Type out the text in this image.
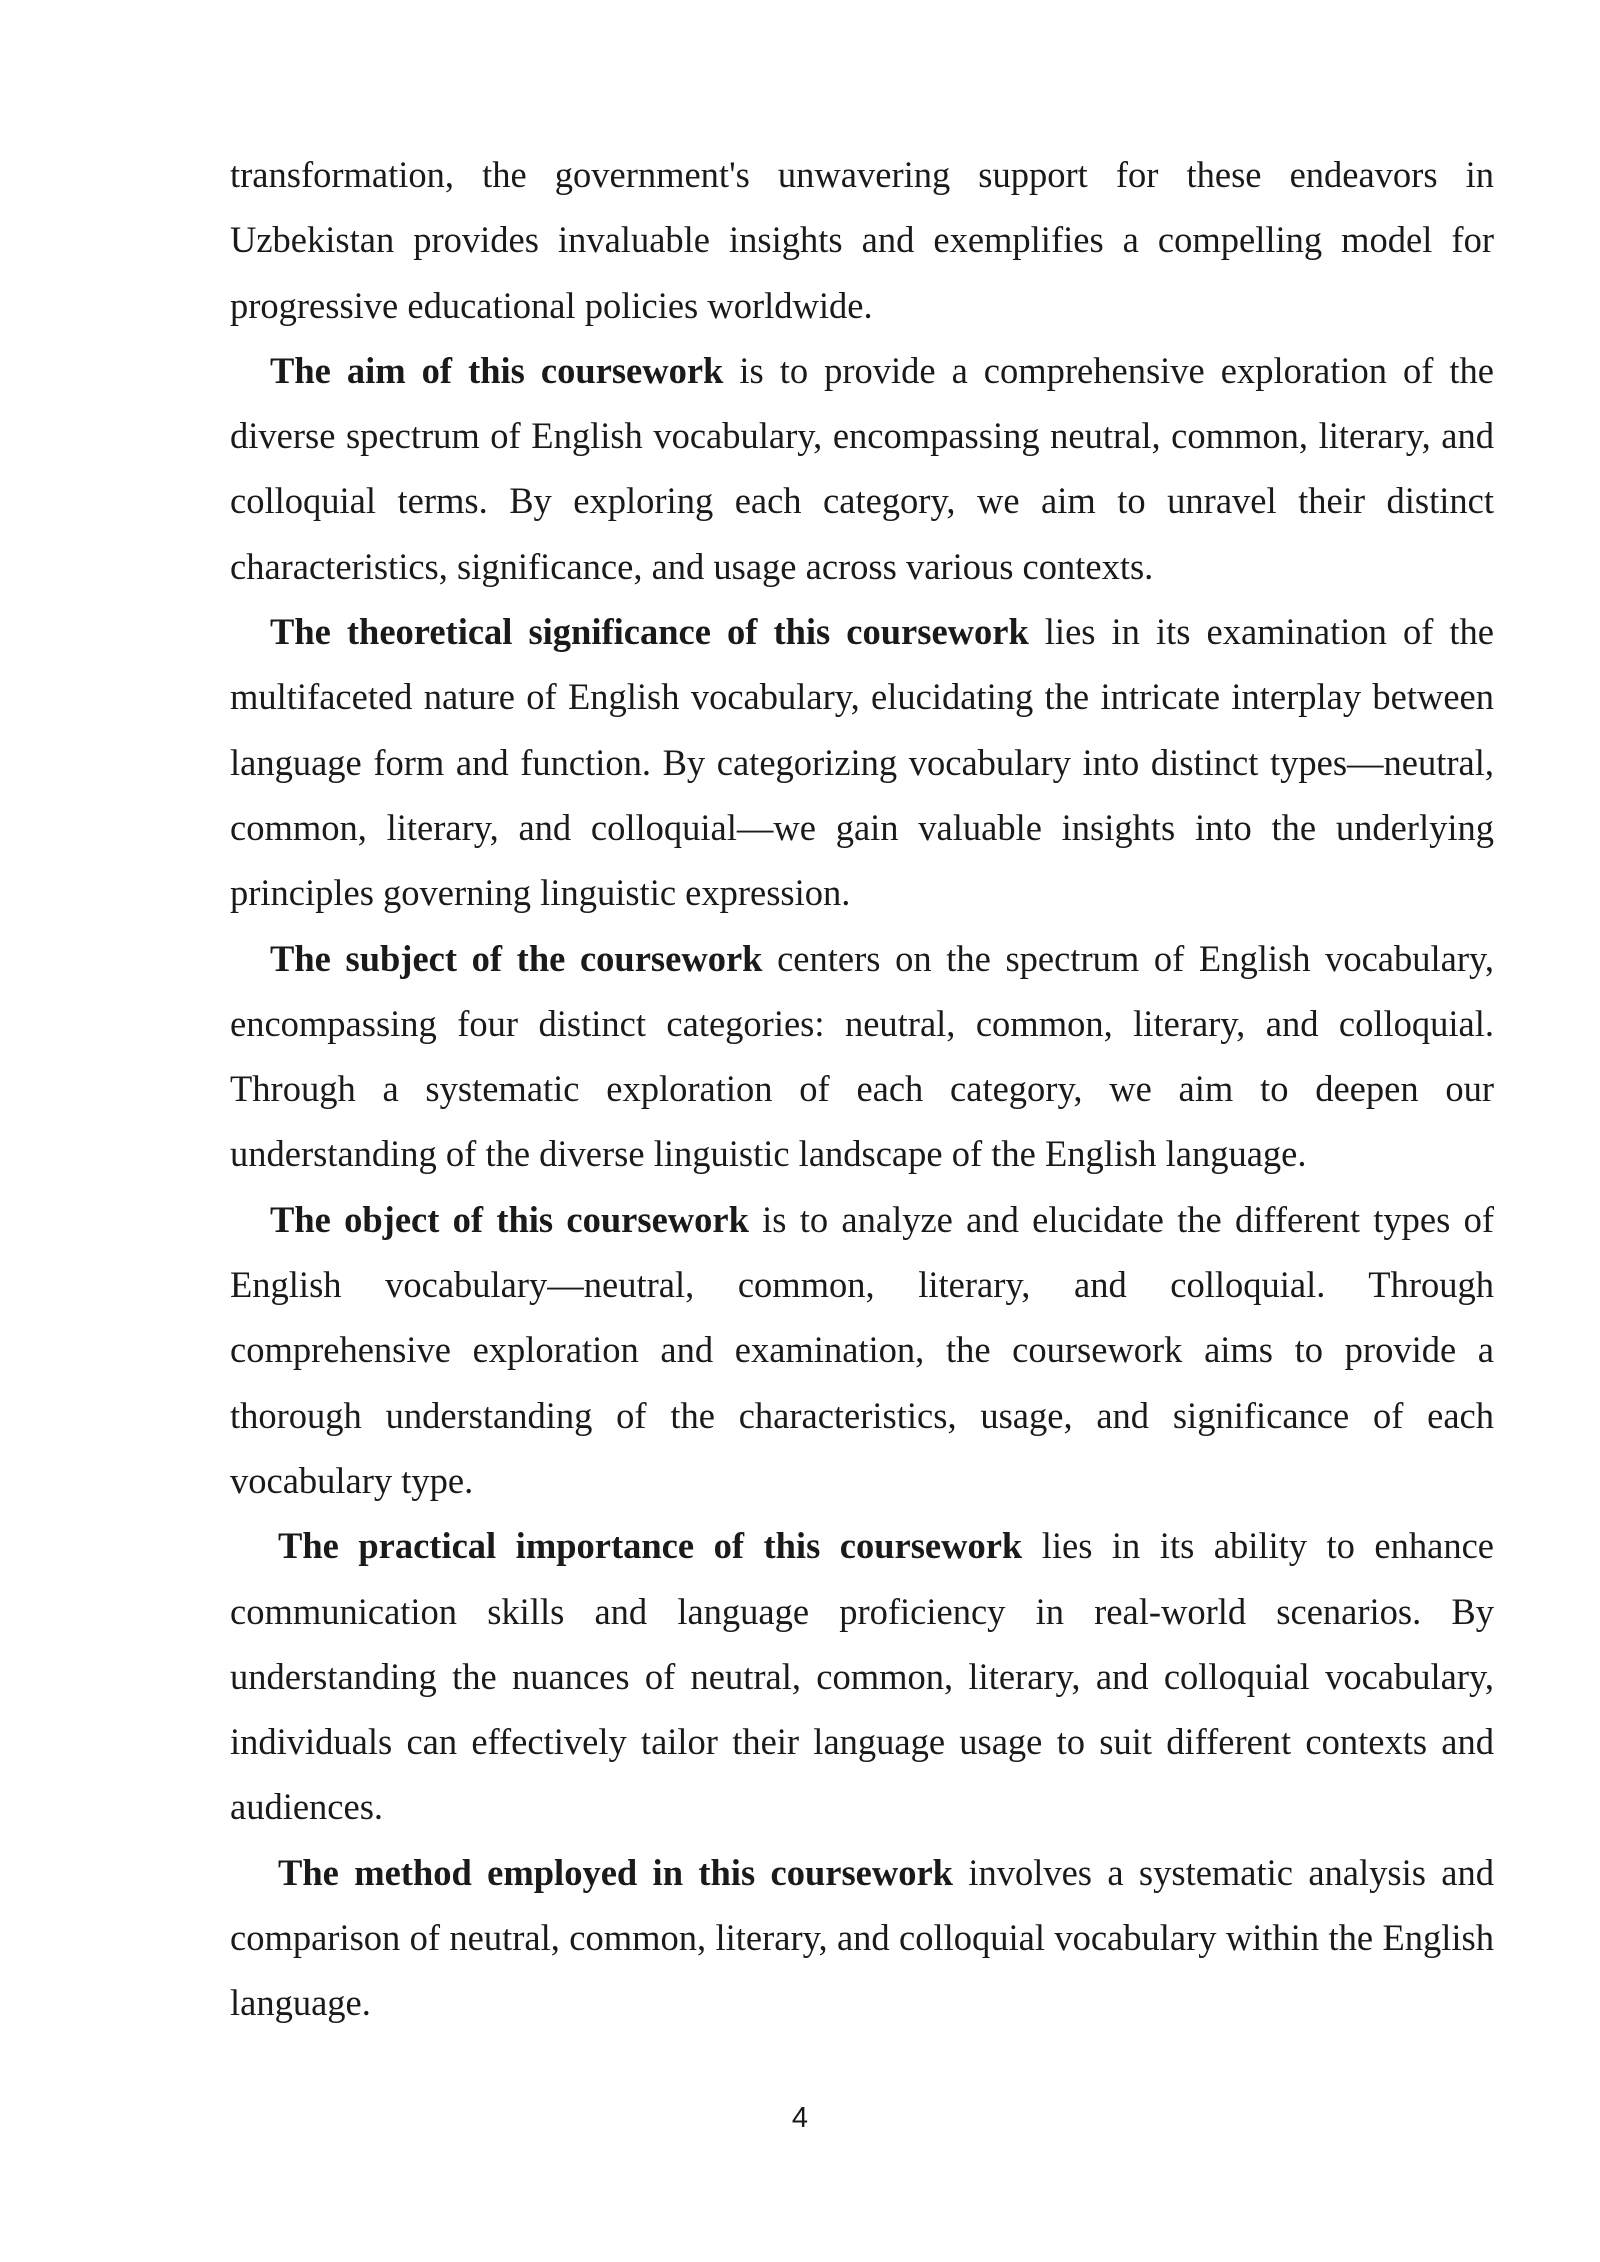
transformation, the government's unwavering support for these endeavors in Uzbekistan provides invaluable insights and exemplifies a compelling model for progressive educational policies worldwide.

The aim of this coursework is to provide a comprehensive exploration of the diverse spectrum of English vocabulary, encompassing neutral, common, literary, and colloquial terms. By exploring each category, we aim to unravel their distinct characteristics, significance, and usage across various contexts.

The theoretical significance of this coursework lies in its examination of the multifaceted nature of English vocabulary, elucidating the intricate interplay between language form and function. By categorizing vocabulary into distinct types—neutral, common, literary, and colloquial—we gain valuable insights into the underlying principles governing linguistic expression.

The subject of the coursework centers on the spectrum of English vocabulary, encompassing four distinct categories: neutral, common, literary, and colloquial. Through a systematic exploration of each category, we aim to deepen our understanding of the diverse linguistic landscape of the English language.

The object of this coursework is to analyze and elucidate the different types of English vocabulary—neutral, common, literary, and colloquial. Through comprehensive exploration and examination, the coursework aims to provide a thorough understanding of the characteristics, usage, and significance of each vocabulary type.

The practical importance of this coursework lies in its ability to enhance communication skills and language proficiency in real-world scenarios. By understanding the nuances of neutral, common, literary, and colloquial vocabulary, individuals can effectively tailor their language usage to suit different contexts and audiences.

The method employed in this coursework involves a systematic analysis and comparison of neutral, common, literary, and colloquial vocabulary within the English language.

4
